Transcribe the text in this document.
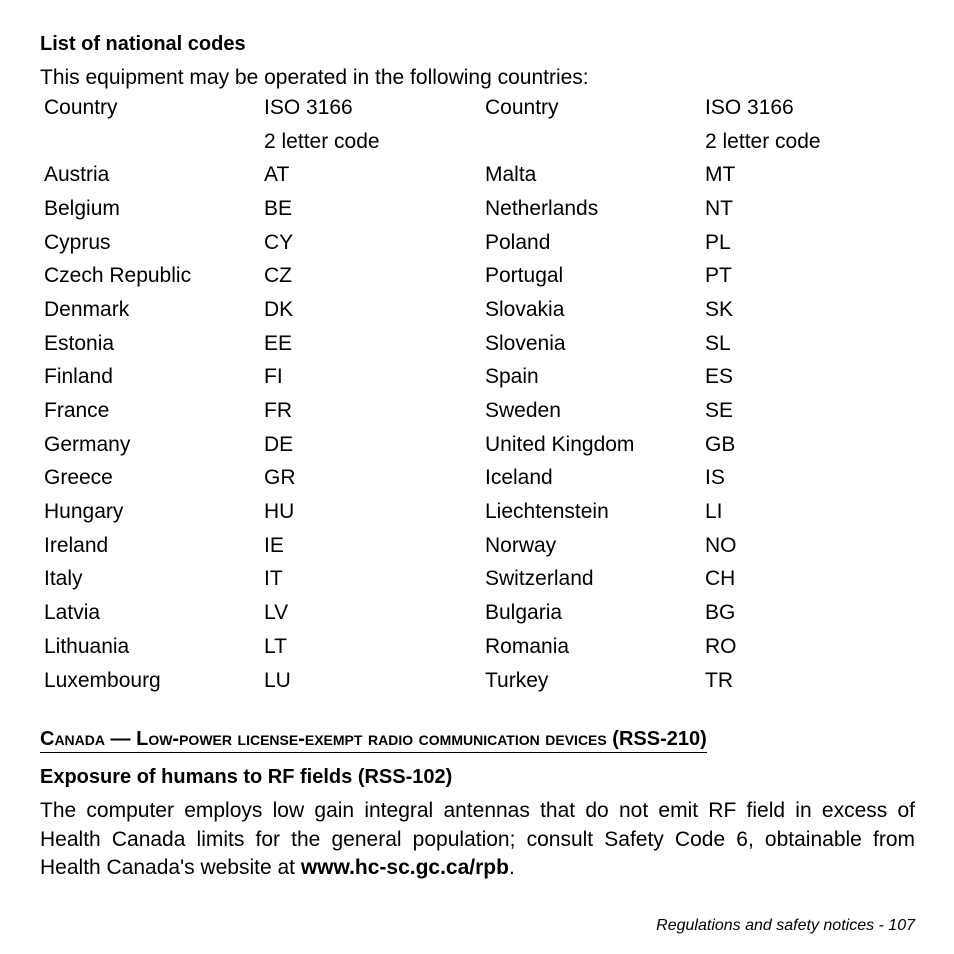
List of national codes

This equipment may be operated in the following countries:

Country	ISO 3166	Country	ISO 3166
	2 letter code		2 letter code
Austria	AT	Malta	MT
Belgium	BE	Netherlands	NT
Cyprus	CY	Poland	PL
Czech Republic	CZ	Portugal	PT
Denmark	DK	Slovakia	SK
Estonia	EE	Slovenia	SL
Finland	FI	Spain	ES
France	FR	Sweden	SE
Germany	DE	United Kingdom	GB
Greece	GR	Iceland	IS
Hungary	HU	Liechtenstein	LI
Ireland	IE	Norway	NO
Italy	IT	Switzerland	CH
Latvia	LV	Bulgaria	BG
Lithuania	LT	Romania	RO
Luxembourg	LU	Turkey	TR
Canada — Low-power license-exempt radio communication devices (RSS-210)
Exposure of humans to RF fields (RSS-102)

The computer employs low gain integral antennas that do not emit RF field in excess of Health Canada limits for the general population; consult Safety Code 6, obtainable from Health Canada's website at www.hc-sc.gc.ca/rpb.

Regulations and safety notices - 107
